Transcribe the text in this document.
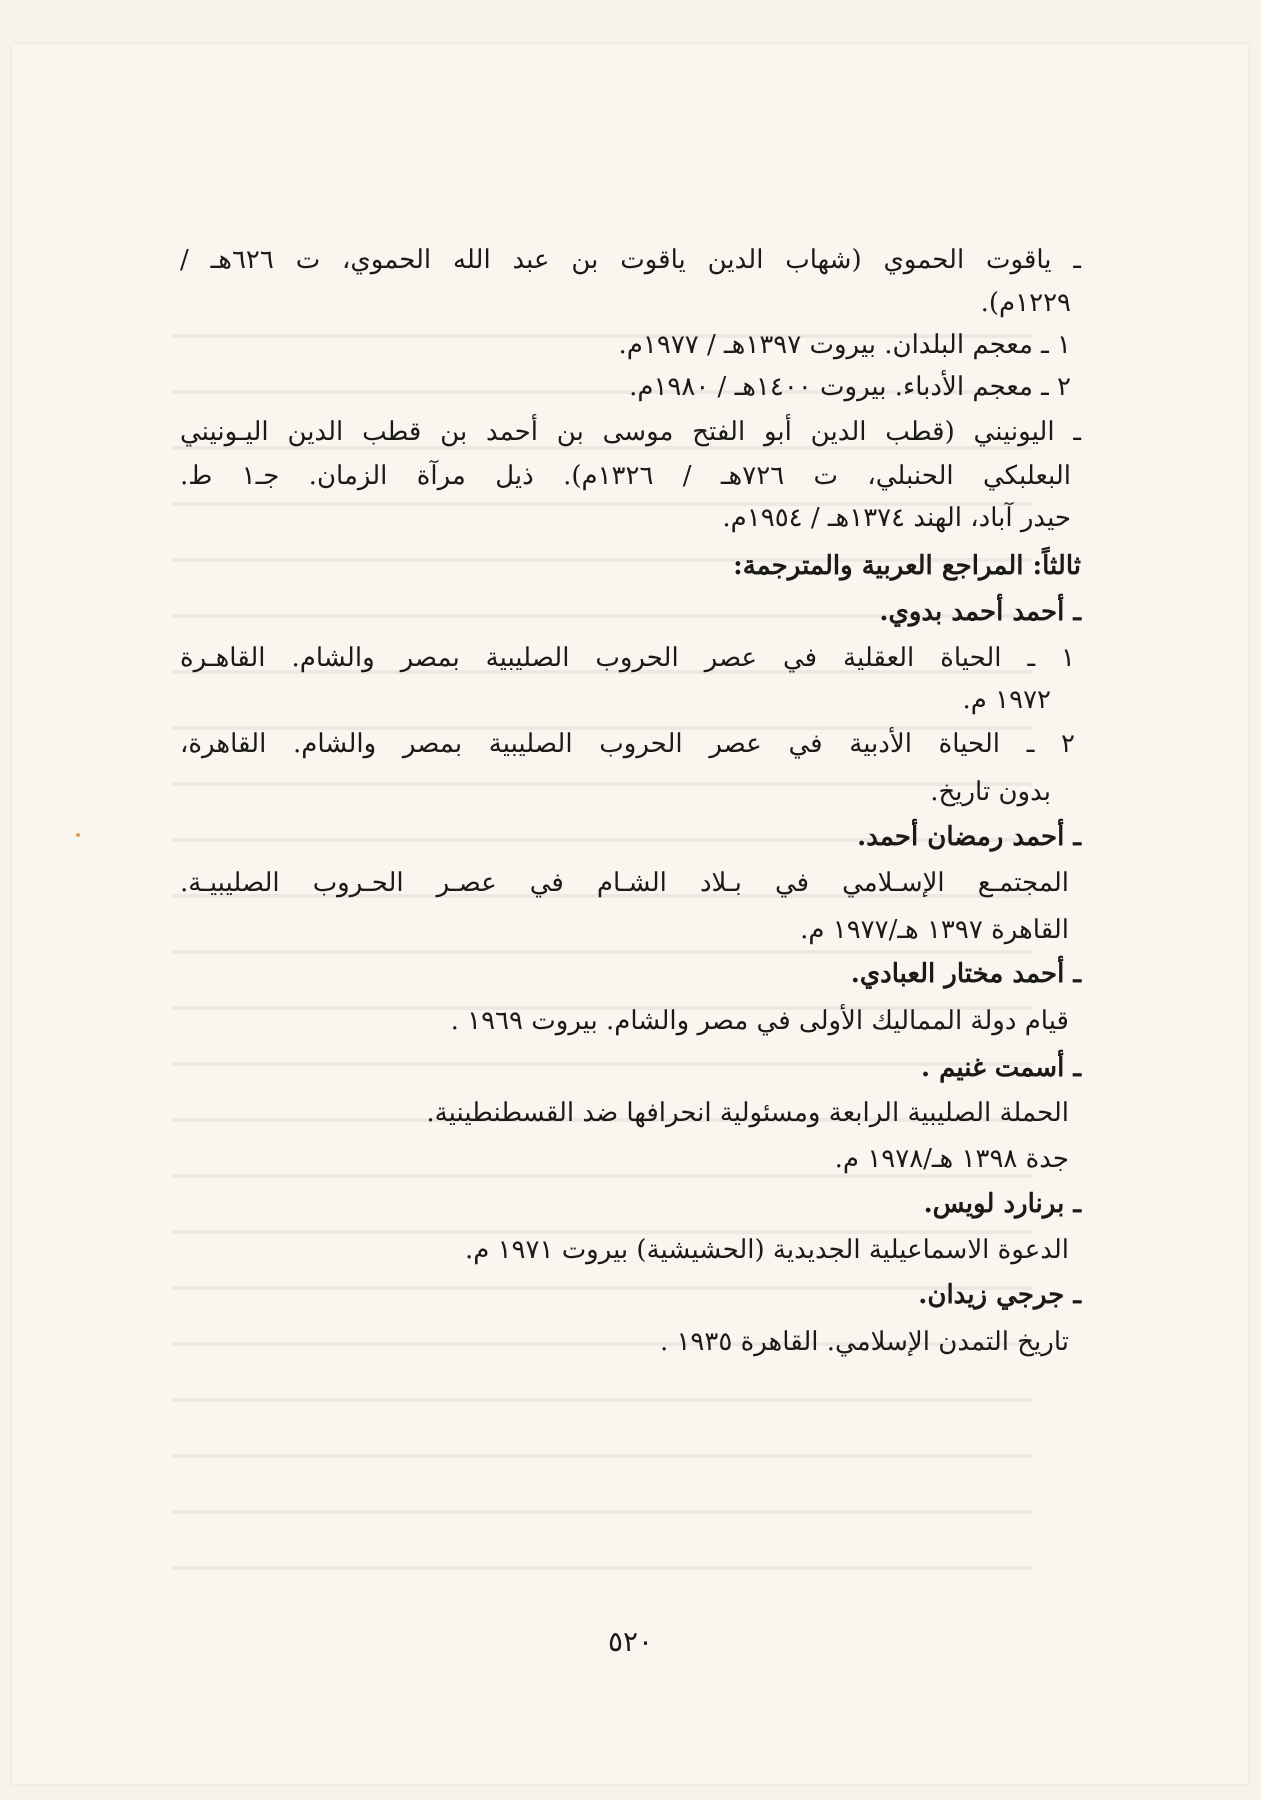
ـ ياقوت الحموي (شهاب الدين ياقوت بن عبد الله الحموي، ت ٦٢٦هـ /
١٢٢٩م).
١ ـ معجم البلدان. بيروت ١٣٩٧هـ / ١٩٧٧م.
٢ ـ معجم الأدباء. بيروت ١٤٠٠هـ / ١٩٨٠م.
ـ اليونيني (قطب الدين أبو الفتح موسى بن أحمد بن قطب الدين اليـونيني
البعلبكي الحنبلي، ت ٧٢٦هـ / ١٣٢٦م). ذيل مرآة الزمان. جـ١ ط.
حيدر آباد، الهند ١٣٧٤هـ / ١٩٥٤م.
ثالثاً: المراجع العربية والمترجمة:
ـ أحمد أحمد بدوي.
١ ـ الحياة العقلية في عصر الحروب الصليبية بمصر والشام. القاهـرة
١٩٧٢ م.
٢ ـ الحياة الأدبية في عصر الحروب الصليبية بمصر والشام. القاهرة،
بدون تاريخ.
ـ أحمد رمضان أحمد.
المجتمـع الإسـلامي في بـلاد الشـام في عصـر الحـروب الصليبيـة.
القاهرة ١٣٩٧ هـ/١٩٧٧ م.
ـ أحمد مختار العبادي.
قيام دولة المماليك الأولى في مصر والشام. بيروت ١٩٦٩ .
ـ أسمت غنيم .
الحملة الصليبية الرابعة ومسئولية انحرافها ضد القسطنطينية.
جدة ١٣٩٨ هـ/١٩٧٨ م.
ـ برنارد لويس.
الدعوة الاسماعيلية الجديدية (الحشيشية) بيروت ١٩٧١ م.
ـ جرجي زيدان.
تاريخ التمدن الإسلامي. القاهرة ١٩٣٥ .
٥٢٠
